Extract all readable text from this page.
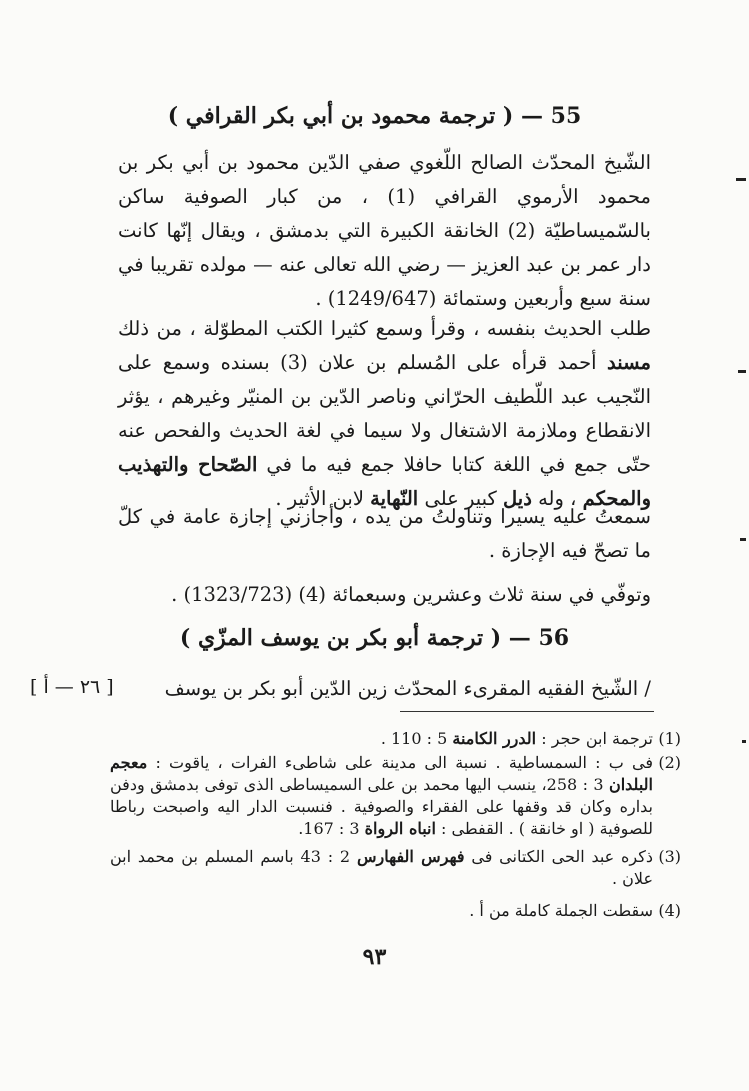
55 — ( ترجمة محمود بن أبي بكر القرافي )
الشّيخ المحدّث الصالح اللّغوي صفي الدّين محمود بن أبي بكر بن محمود الأرموي القرافي (1) ، من كبار الصوفية ساكن بالسّميساطيّة (2) الخانقة الكبيرة التي بدمشق ، ويقال إنّها كانت دار عمر بن عبد العزيز — رضي الله تعالى عنه — مولده تقريبا في سنة سبع وأربعين وستمائة (1249/647) .
طلب الحديث بنفسه ، وقرأ وسمع كثيرا الكتب المطوّلة ، من ذلك مسند أحمد قرأه على المُسلم بن علان (3) بسنده وسمع على النّجيب عبد اللّطيف الحرّاني وناصر الدّين بن المنيّر وغيرهم ، يؤثر الانقطاع وملازمة الاشتغال ولا سيما في لغة الحديث والفحص عنه حتّى جمع في اللغة كتابا حافلا جمع فيه ما في الصّحاح والتهذيب والمحكم ، وله ذيل كبير على النّهاية لابن الأثير .
سمعتُ عليه يسيرا وتناولتُ من يده ، وأجازني إجازة عامة في كلّ ما تصحّ فيه الإجازة .
وتوفّي في سنة ثلاث وعشرين وسبعمائة (4) (1323/723) .
56 — ( ترجمة أبو بكر بن يوسف المزّي )
/ الشّيخ الفقيه المقرىء المحدّث زين الدّين أبو بكر بن يوسف
[ ٢٦ — أ ]
(1)
ترجمة ابن حجر : الدرر الكامنة 5 : 110 .
(2)
فى ب : السمساطية . نسبة الى مدينة على شاطىء الفرات ، ياقوت : معجم البلدان 3 : 258، ينسب اليها محمد بن على السميساطى الذى توفى بدمشق ودفن بداره وكان قد وقفها على الفقراء والصوفية . فنسبت الدار اليه واصبحت رباطا للصوفية ( او خانقة ) . القفطى : انباه الرواة 3 : 167.
(3)
ذكره عبد الحى الكتانى فى فهرس الفهارس 2 : 43 باسم المسلم بن محمد ابن علان .
(4)
سقطت الجملة كاملة من أ .
٩٣
